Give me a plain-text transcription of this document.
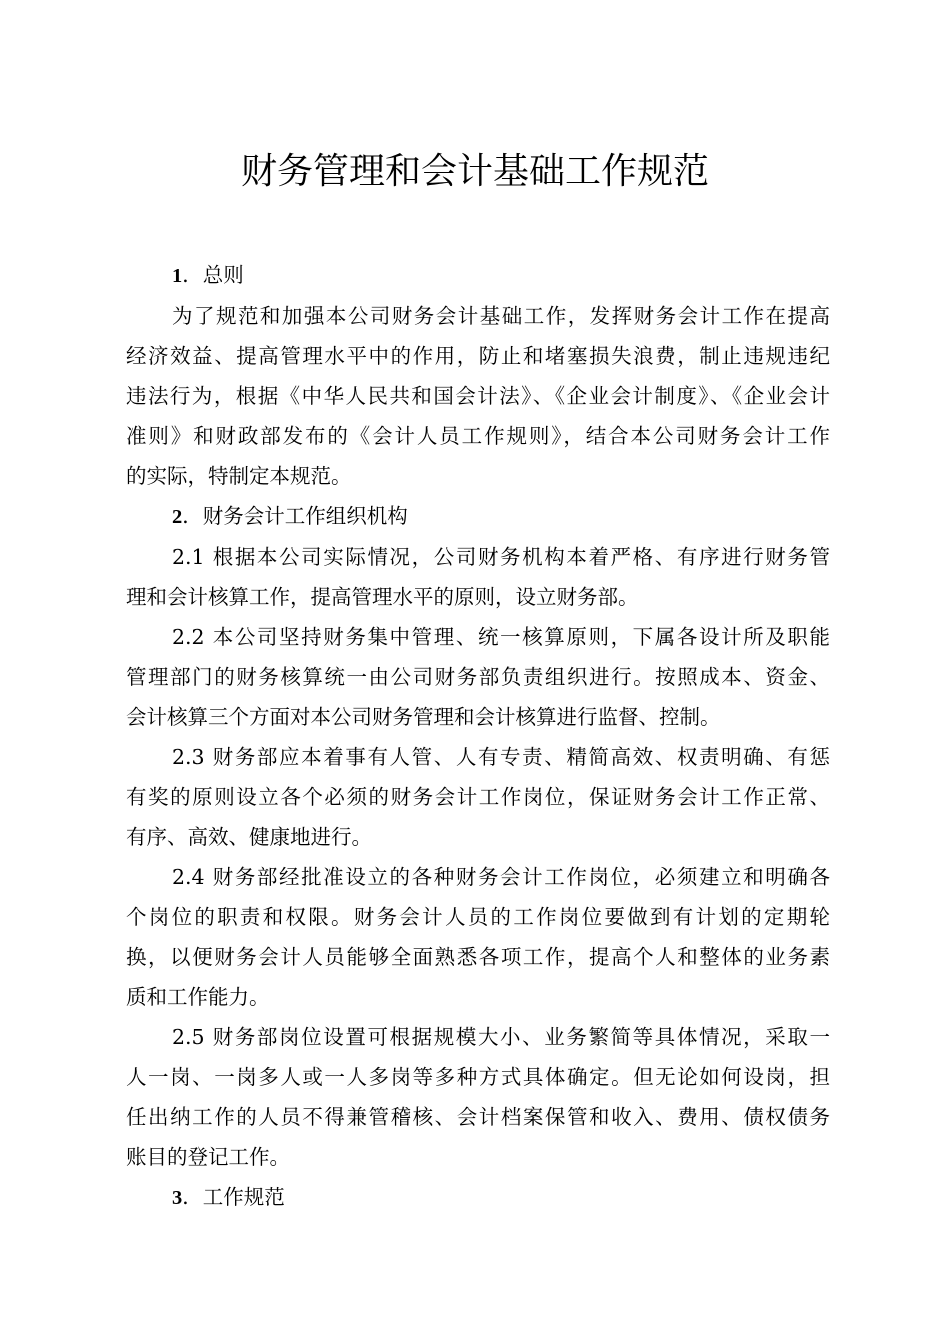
财务管理和会计基础工作规范
1．总则
为了规范和加强本公司财务会计基础工作，发挥财务会计工作在提高
经济效益、提高管理水平中的作用，防止和堵塞损失浪费，制止违规违纪
违法行为，根据《中华人民共和国会计法》、《企业会计制度》、《企业会计
准则》和财政部发布的《会计人员工作规则》，结合本公司财务会计工作
的实际，特制定本规范。
2．财务会计工作组织机构
2.1 根据本公司实际情况，公司财务机构本着严格、有序进行财务管
理和会计核算工作，提高管理水平的原则，设立财务部。
2.2 本公司坚持财务集中管理、统一核算原则，下属各设计所及职能
管理部门的财务核算统一由公司财务部负责组织进行。按照成本、资金、
会计核算三个方面对本公司财务管理和会计核算进行监督、控制。
2.3 财务部应本着事有人管、人有专责、精简高效、权责明确、有惩
有奖的原则设立各个必须的财务会计工作岗位，保证财务会计工作正常、
有序、高效、健康地进行。
2.4 财务部经批准设立的各种财务会计工作岗位，必须建立和明确各
个岗位的职责和权限。财务会计人员的工作岗位要做到有计划的定期轮
换，以便财务会计人员能够全面熟悉各项工作，提高个人和整体的业务素
质和工作能力。
2.5 财务部岗位设置可根据规模大小、业务繁简等具体情况，采取一
人一岗、一岗多人或一人多岗等多种方式具体确定。但无论如何设岗，担
任出纳工作的人员不得兼管稽核、会计档案保管和收入、费用、债权债务
账目的登记工作。
3．工作规范
